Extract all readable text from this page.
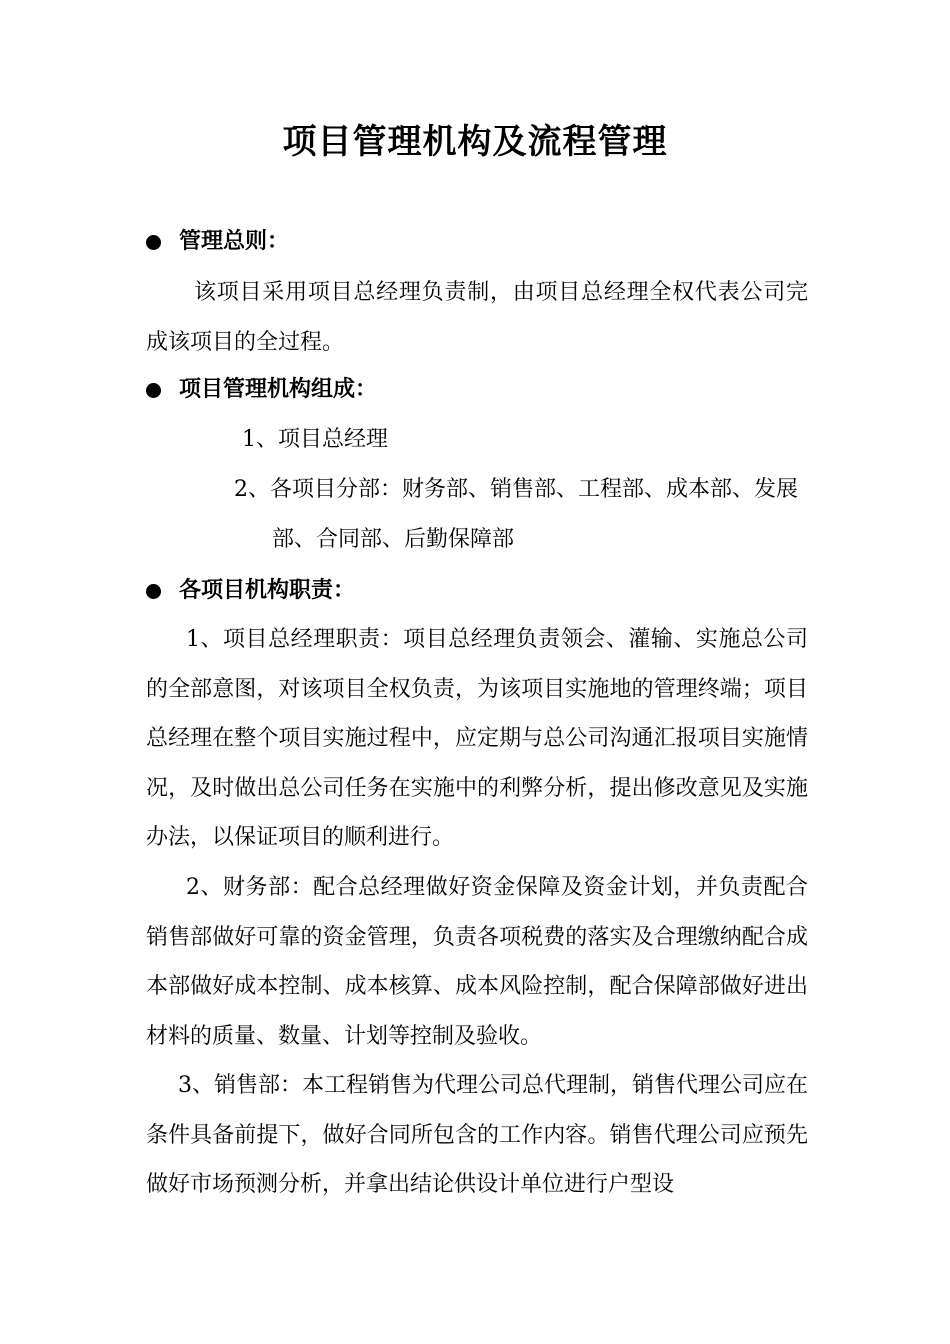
项目管理机构及流程管理
管理总则：
该项目采用项目总经理负责制，由项目总经理全权代表公司完成该项目的全过程。
项目管理机构组成：
1、项目总经理
2、各项目分部：财务部、销售部、工程部、成本部、发展
部、合同部、后勤保障部
各项目机构职责：
1、项目总经理职责：项目总经理负责领会、灌输、实施总公司的全部意图，对该项目全权负责，为该项目实施地的管理终端；项目总经理在整个项目实施过程中，应定期与总公司沟通汇报项目实施情况，及时做出总公司任务在实施中的利弊分析，提出修改意见及实施办法，以保证项目的顺利进行。
2、财务部：配合总经理做好资金保障及资金计划，并负责配合销售部做好可靠的资金管理，负责各项税费的落实及合理缴纳配合成本部做好成本控制、成本核算、成本风险控制，配合保障部做好进出材料的质量、数量、计划等控制及验收。
3、销售部：本工程销售为代理公司总代理制，销售代理公司应在条件具备前提下，做好合同所包含的工作内容。销售代理公司应预先做好市场预测分析，并拿出结论供设计单位进行户型设
